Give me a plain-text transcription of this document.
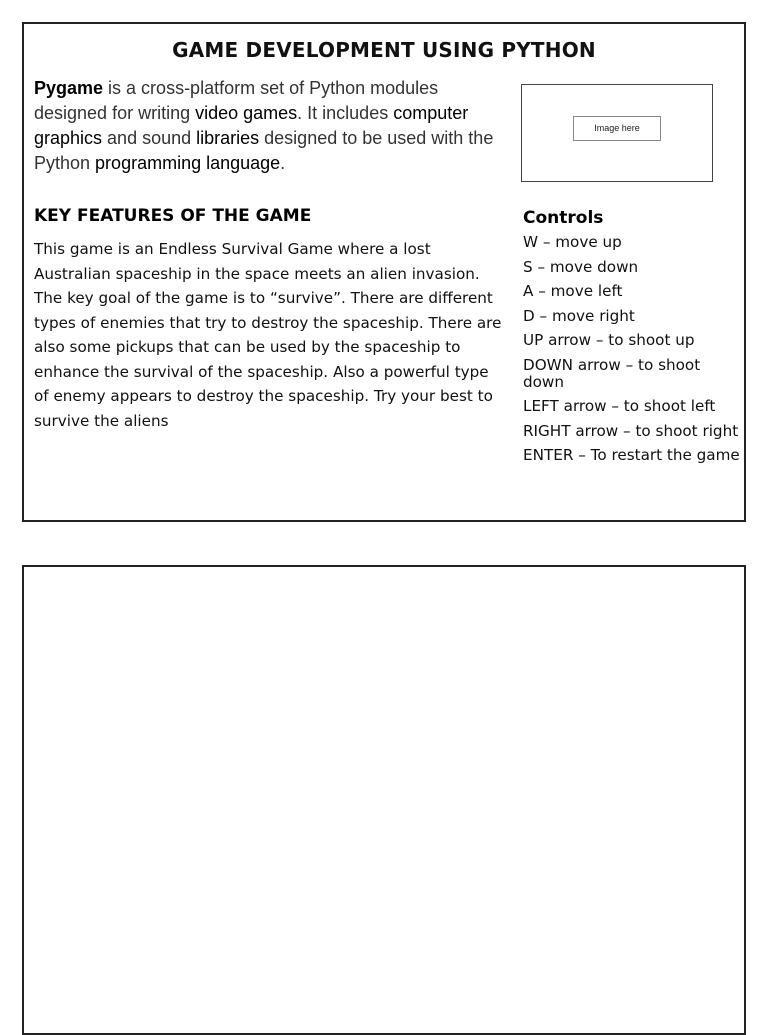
GAME DEVELOPMENT USING PYTHON

Pygame is a cross-platform set of Python modules designed for writing video games. It includes computer graphics and sound libraries designed to be used with the Python programming language.

Image here
KEY FEATURES OF THE GAME

This game is an Endless Survival Game where a lost Australian spaceship in the space meets an alien invasion. The key goal of the game is to “survive”. There are different types of enemies that try to destroy the spaceship. There are also some pickups that can be used by the spaceship to enhance the survival of the spaceship. Also a powerful type of enemy appears to destroy the spaceship. Try your best to survive the aliens

Controls
W – move up
S – move down
A – move left
D – move right
UP arrow – to shoot up
DOWN arrow – to shoot down
LEFT arrow – to shoot left
RIGHT arrow – to shoot right
ENTER – To restart the game
